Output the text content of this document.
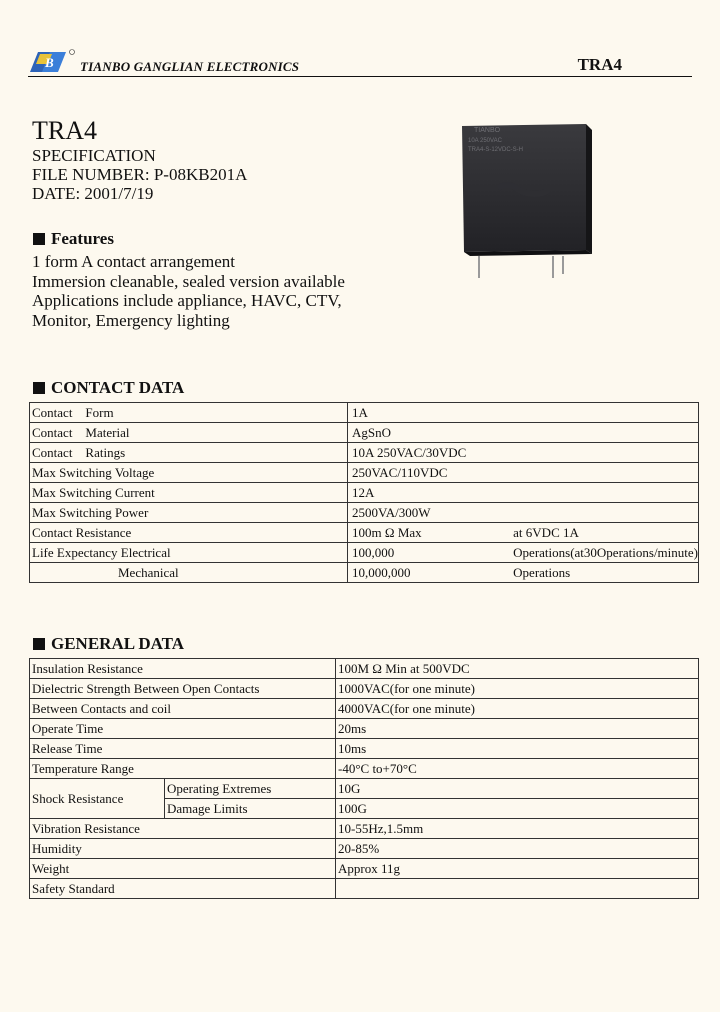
B TIANBO GANGLIAN ELECTRONICS	TRA4
TRA4
SPECIFICATION
FILE NUMBER: P-08KB201A
DATE: 2001/7/19
TIANBO
10A 250VAC
TRA4-S-12VDC-S-H
Features
1 form A contact arrangement
Immersion cleanable, sealed version available
Applications include appliance, HAVC, CTV,
Monitor, Emergency lighting
CONTACT DATA
Contact    Form	1A	
Contact    Material	AgSnO	
Contact    Ratings	10A 250VAC/30VDC	
Max Switching Voltage	250VAC/110VDC	
Max Switching Current	12A	
Max Switching Power	2500VA/300W	
Contact Resistance	100m Ω Max	at 6VDC 1A
Life Expectancy Electrical	100,000	Operations(at30Operations/minute)
Mechanical	10,000,000	Operations
GENERAL DATA
Insulation Resistance		100M Ω Min at 500VDC
Dielectric Strength Between Open Contacts		1000VAC(for one minute)
Between Contacts and coil		4000VAC(for one minute)
Operate Time		20ms
Release Time		10ms
Temperature Range		-40°C to+70°C
Shock Resistance	Operating Extremes	10G
	Damage Limits	100G
Vibration Resistance		10-55Hz,1.5mm
Humidity		20-85%
Weight		Approx 11g
Safety Standard		
